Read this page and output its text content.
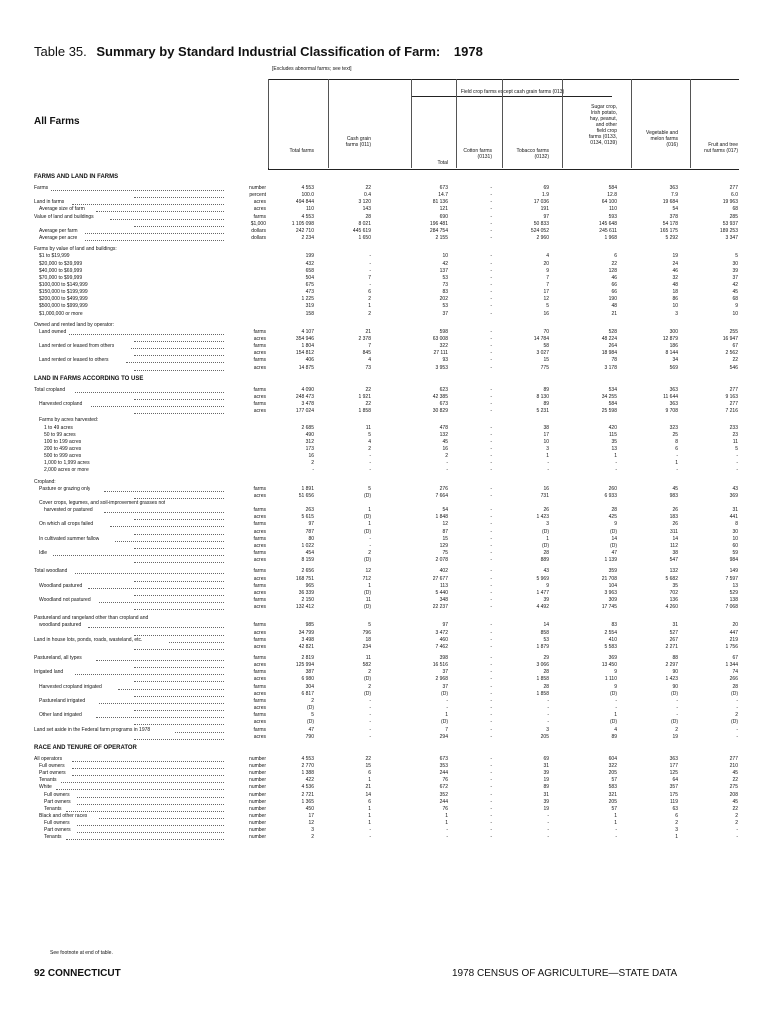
Table 35. Summary by Standard Industrial Classification of Farm: 1978
[Excludes abnormal farms; see text]
All Farms
Field crop farms except cash grain farms (013)
Total farms
Cash grain
farms (011)
Total
Cotton farms
(0131)
Tobacco farms
(0132)
Sugar crop,
Irish potato,
hay, peanut,
and other
field crop
farms (0133,
0134, 0139)
Vegetable and
melon farms
(016)	Fruit and tree
nut farms (017)
FARMS AND LAND IN FARMS
Farms	number	4 553	22	673	-	69	584	363	277
percent	100.0	0.4	14.7	-	1.9	12.8	7.9	6.0
Land in farms	acres	494 844	3 120	81 136	-	17 036	64 100	19 684	19 963
Average size of farm	acres	110	143	121	-	191	110	54	68
Value of land and buildings	farms	4 553	28	690	-	97	593	378	285
$1,000	1 105 098	8 021	196 481	-	50 833	145 648	54 178	53 937
Average per farm	dollars	242 710	445 619	284 754	-	524 052	245 611	165 175	189 253
Average per acre	dollars	2 234	1 650	2 155	-	2 960	1 968	5 292	3 347
Farms by value of land and buildings:
$1 to $19,999	199	-	10	-	4	6	19	5
$20,000 to $39,999	432	-	42	-	20	22	24	30
$40,000 to $69,999	658	-	137	-	9	128	46	39
$70,000 to $99,999	504	7	53	-	7	46	32	37
$100,000 to $149,999	675	-	73	-	7	66	48	42
$150,000 to $199,999	473	6	83	-	17	66	18	45
$200,000 to $499,999	1 225	2	202	-	12	190	86	68
$500,000 to $999,999	319	1	53	-	5	48	10	9
$1,000,000 or more	158	2	37	-	16	21	3	10
Owned and rented land by operator:
Land owned	farms	4 107	21	598	-	70	528	300	255
acres	354 946	2 378	63 008	-	14 784	48 224	12 879	16 947
Land rented or leased from others	farms	1 804	7	322	-	58	264	186	67
acres	154 812	845	27 111	-	3 027	18 984	8 144	2 562
Land rented or leased to others	farms	406	4	93	-	15	78	34	22
acres	14 875	73	3 953	-	775	3 178	569	546
LAND IN FARMS ACCORDING TO USE
Total cropland	farms	4 090	22	623	-	89	534	363	277
acres	248 473	1 921	42 385	-	8 130	34 255	11 644	9 163
Harvested cropland	farms	3 478	22	673	-	89	584	363	277
acres	177 024	1 858	30 829	-	5 231	25 598	9 708	7 216
Farms by acres harvested:
1 to 49 acres	2 685	11	478	-	38	420	323	233
50 to 99 acres	490	5	132	-	17	115	25	23
100 to 199 acres	312	4	45	-	10	35	8	11
200 to 499 acres	173	2	16	-	3	13	6	5
500 to 999 acres	16	-	2	-	1	1	-	-
1,000 to 1,999 acres	2	-	-	-	-	-	1	-
2,000 acres or more	-	-	-	-	-	-	-	-
Cropland:
Pasture or grazing only	farms	1 891	5	276	-	16	260	45	43
acres	51 656	(D)	7 664	-	731	6 933	983	369
Cover crops, legumes, and soil-improvement grasses not
harvested or pastured	farms	263	1	54	-	26	28	26	31
acres	5 615	(D)	1 848	-	1 423	425	183	441
On which all crops failed	farms	97	1	12	-	3	9	26	8
acres	787	(D)	87	-	(D)	(D)	311	30
In cultivated summer fallow	farms	80	-	15	-	1	14	14	10
acres	1 022	-	129	-	(D)	(D)	112	60
Idle	farms	454	2	75	-	28	47	38	59
acres	8 159	(D)	2 078	-	889	1 139	547	984
Total woodland	farms	2 656	12	402	-	43	359	132	149
acres	168 751	712	27 677	-	5 969	21 708	5 682	7 597
Woodland pastured	farms	965	1	113	-	9	104	35	13
acres	36 339	(D)	5 440	-	1 477	3 963	702	529
Woodland not pastured	farms	2 150	11	348	-	39	309	136	138
acres	132 412	(D)	22 237	-	4 492	17 745	4 260	7 068
Pastureland and rangeland other than cropland and
woodland pastured	farms	985	5	97	-	14	83	31	20
acres	34 799	796	3 472	-	858	2 554	527	447
Land in house lots, ponds, roads, wasteland, etc.	farms	3 498	18	460	-	53	410	267	219
acres	42 821	234	7 462	-	1 879	5 583	2 271	1 756
Pastureland, all types	farms	2 819	11	398	-	29	369	88	67
acres	125 994	582	16 516	-	3 066	13 450	2 297	1 344
Irrigated land	farms	387	2	37	-	28	9	90	74
acres	6 980	(D)	2 968	-	1 858	1 110	1 423	266
Harvested cropland irrigated	farms	304	2	37	-	28	9	90	28
acres	6 817	(D)	(D)	-	1 858	(D)	(D)	(D)
Pastureland irrigated	farms	2	-	-	-	-	-	-	-
acres	(D)	-	-	-	-	-	-	-
Other land irrigated	farms	5	-	1	-	-	1	-	2
acres	(D)	-	(D)	-	-	(D)	(D)	(D)
Land set aside in the Federal farm programs in 1978	farms	47	-	7	-	3	4	2	-
acres	790	-	294	-	205	89	19	-
RACE AND TENURE OF OPERATOR
All operators	number	4 553	22	673	-	69	604	363	277
Full owners	number	2 770	15	353	-	31	322	177	210
Part owners	number	1 388	6	244	-	39	205	125	45
Tenants	number	422	1	76	-	19	57	64	22
White	number	4 536	21	672	-	89	583	357	275
Full owners	number	2 721	14	352	-	31	321	175	208
Part owners	number	1 365	6	244	-	39	205	119	45
Tenants	number	450	1	76	-	19	57	63	22
Black and other races	number	17	1	1	-	-	1	6	2
Full owners	number	12	1	1	-	-	1	2	2
Part owners	number	3	-	-	-	-	-	3	-
Tenants	number	2	-	-	-	-	-	1	-
See footnote at end of table.
92 CONNECTICUT	1978 CENSUS OF AGRICULTURE—STATE DATA
